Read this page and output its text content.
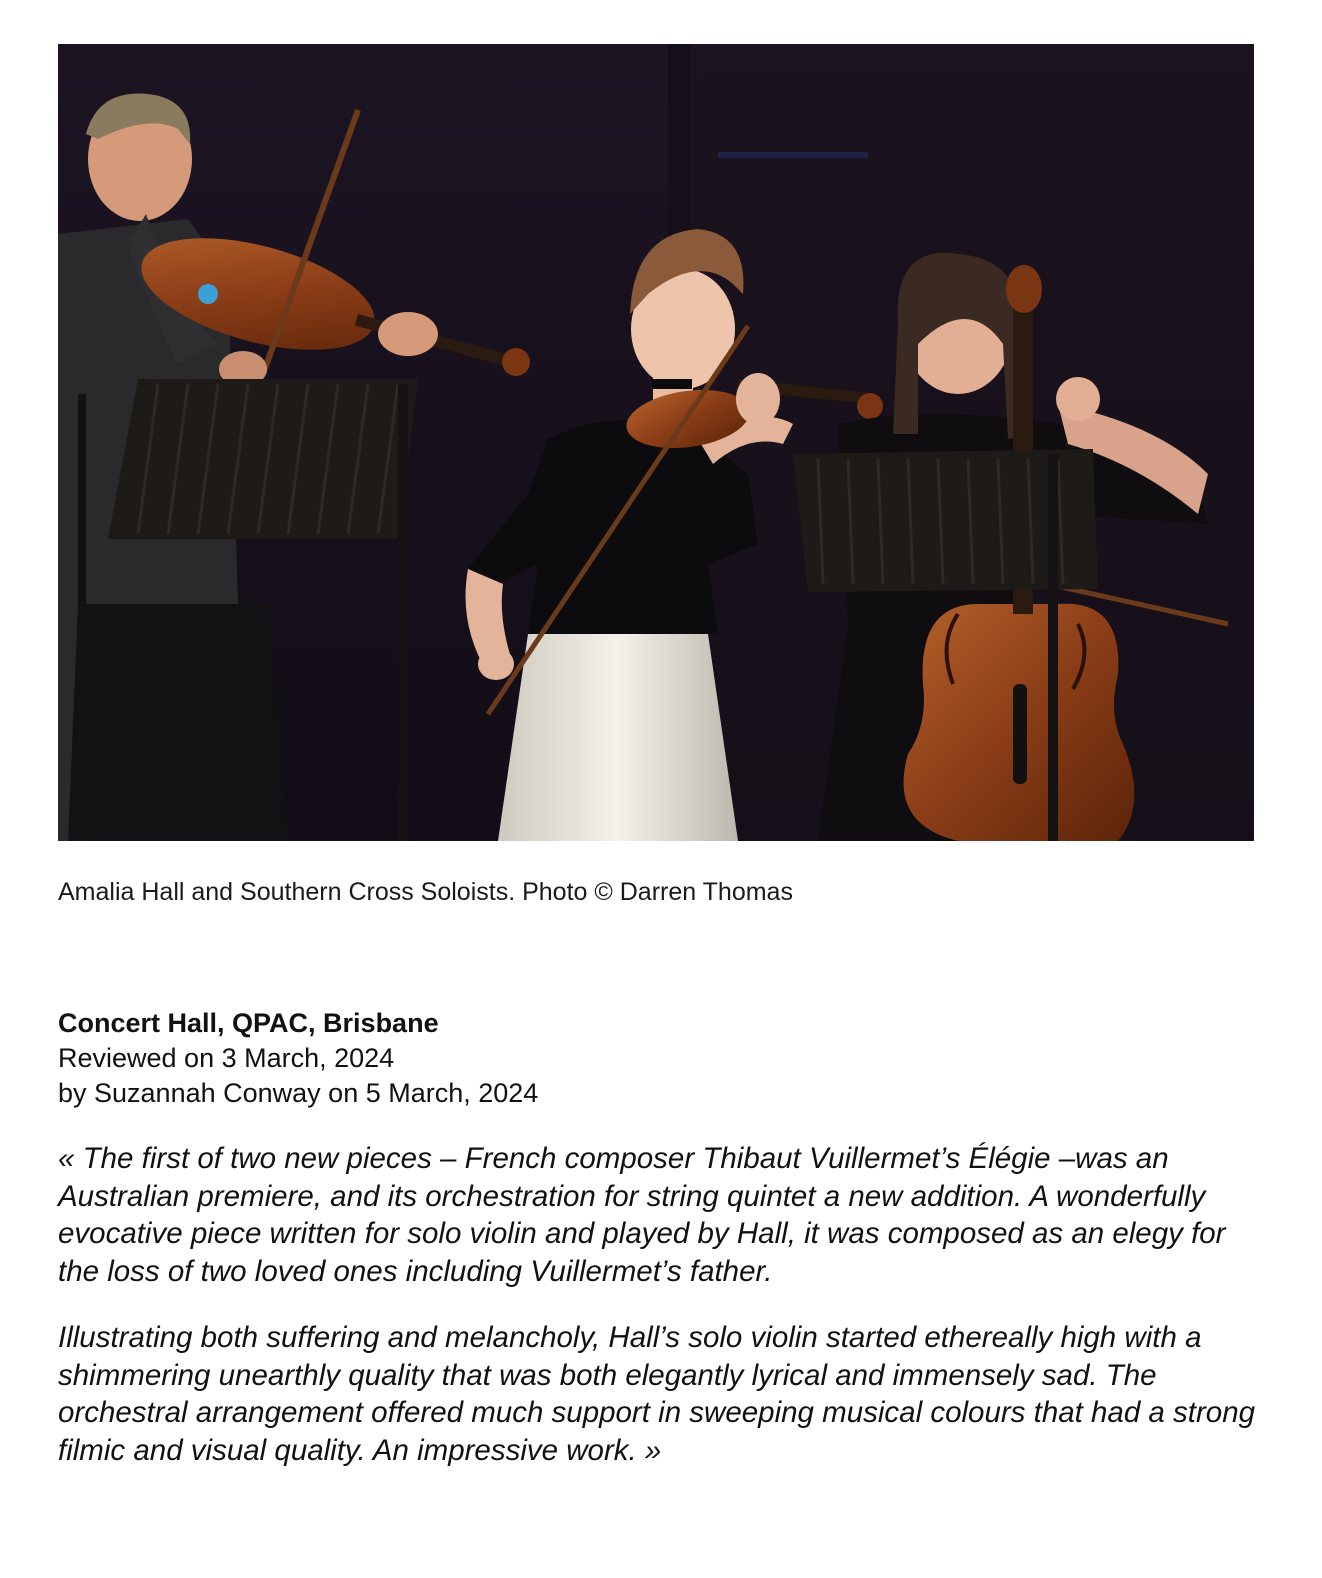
Amalia Hall and Southern Cross Soloists. Photo © Darren Thomas
Concert Hall, QPAC, Brisbane
Reviewed on 3 March, 2024
by Suzannah Conway on 5 March, 2024

« The first of two new pieces – French composer Thibaut Vuillermet’s Élégie –was an Australian premiere, and its orchestration for string quintet a new addition. A wonderfully evocative piece written for solo violin and played by Hall, it was composed as an elegy for the loss of two loved ones including Vuillermet’s father.

Illustrating both suffering and melancholy, Hall’s solo violin started ethereally high with a shimmering unearthly quality that was both elegantly lyrical and immensely sad. The orchestral arrangement offered much support in sweeping musical colours that had a strong filmic and visual quality. An impressive work. »
